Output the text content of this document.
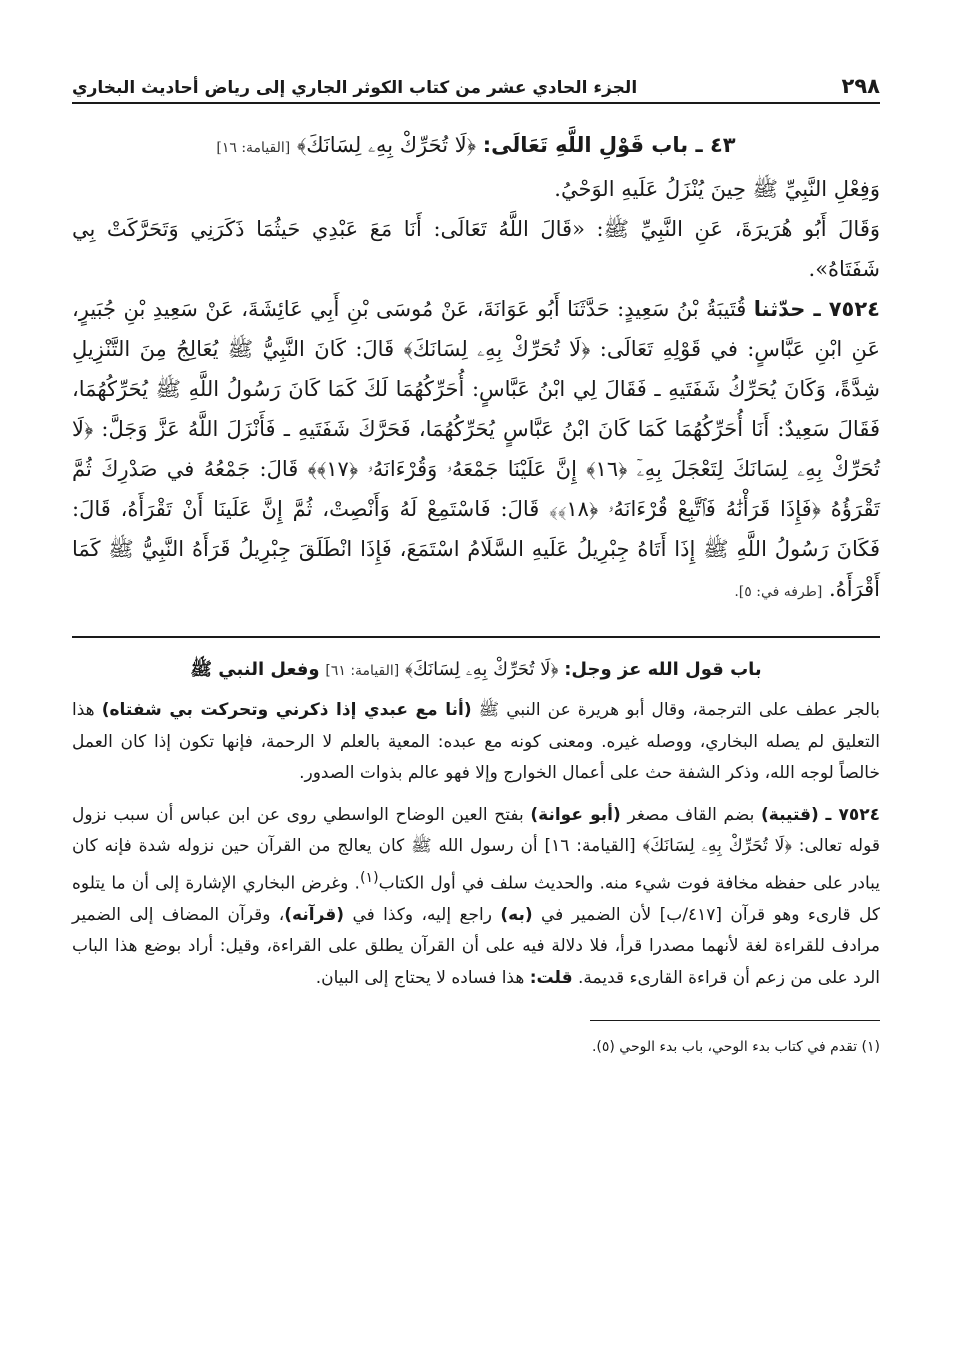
٢٩٨
الجزء الحادي عشر من كتاب الكوثر الجاري إلى رياض أحاديث البخاري
٤٣ ـ باب قَوْلِ اللَّهِ تَعَالَى: ﴿لَا تُحَرِّكْ بِهِۦ لِسَانَكَ﴾ [القيامة: ١٦]

وَفِعْلِ النَّبِيِّ ﷺ حِينَ يُنْزَلُ عَلَيهِ الوَحْيُ.

وَقَالَ أَبُو هُرَيرَةَ، عَنِ النَّبِيِّ ﷺ: «قَالَ اللَّهُ تَعَالَى: أَنَا مَعَ عَبْدِي حَيثُمَا ذَكَرَنِي وَتَحَرَّكَتْ بِي شَفَتَاهُ».

٧٥٢٤ ـ حدّثنا قُتَيبَةُ بْنُ سَعِيدٍ: حَدَّثَنَا أَبُو عَوَانَةَ، عَنْ مُوسَى بْنِ أَبِي عَائِشَةَ، عَنْ سَعِيدِ بْنِ جُبَيرٍ، عَنِ ابْنِ عَبَّاسٍ: في قَوْلِهِ تَعَالَى: ﴿لَا تُحَرِّكْ بِهِۦ لِسَانَكَ﴾ قَالَ: كَانَ النَّبِيُّ ﷺ يُعَالِجُ مِنَ التَّنْزِيلِ شِدَّةً، وَكَانَ يُحَرِّكُ شَفَتَيهِ ـ فَقَالَ لِي ابْنُ عَبَّاسٍ: أُحَرِّكُهُمَا لَكَ كَمَا كَانَ رَسُولُ اللَّهِ ﷺ يُحَرِّكُهُمَا، فَقَالَ سَعِيدٌ: أَنَا أُحَرِّكُهُمَا كَمَا كَانَ ابْنُ عَبَّاسٍ يُحَرِّكُهُمَا، فَحَرَّكَ شَفَتَيهِ ـ فَأَنْزَلَ اللَّهُ عَزَّ وَجَلَّ: ﴿لَا تُحَرِّكْ بِهِۦ لِسَانَكَ لِتَعْجَلَ بِهِۦٓ ﴿١٦﴾ إِنَّ عَلَيْنَا جَمْعَهُۥ وَقُرْءَانَهُۥ ﴿١٧﴾﴾ قَالَ: جَمْعُهُ في صَدْرِكَ ثُمَّ تَقْرَؤُهُ ﴿فَإِذَا قَرَأْنَٰهُ فَٱتَّبِعْ قُرْءَانَهُۥ ﴿١٨﴾﴾ قَالَ: فَاسْتَمِعْ لَهُ وَأَنْصِتْ، ثُمَّ إِنَّ عَلَينَا أَنْ تَقْرَأَهُ، قَالَ: فَكَانَ رَسُولُ اللَّهِ ﷺ إِذَا أَتَاهُ جِبْرِيلُ عَلَيهِ السَّلَامُ اسْتَمَعَ، فَإِذَا انْطَلَقَ جِبْرِيلُ قَرَأَهُ النَّبِيُّ ﷺ كَمَا أَقْرَأَهُ. [طرفه في: ٥].

باب قول الله عز وجل: ﴿لَا تُحَرِّكْ بِهِۦ لِسَانَكَ﴾ [القيامة: ٦١] وفعل النبي ﷺ

بالجر عطف على الترجمة، وقال أبو هريرة عن النبي ﷺ (أنا مع عبدي إذا ذكرني وتحركت بي شفتاه) هذا التعليق لم يصله البخاري، ووصله غيره. ومعنى كونه مع عبده: المعية بالعلم لا الرحمة، فإنها تكون إذا كان العمل خالصاً لوجه الله، وذكر الشفة حث على أعمال الخوارج وإلا فهو عالم بذوات الصدور.

٧٥٢٤ ـ (قتيبة) بضم القاف مصغر (أبو عوانة) بفتح العين الوضاح الواسطي روى عن ابن عباس أن سبب نزول قوله تعالى: ﴿لَا تُحَرِّكْ بِهِۦ لِسَانَكَ﴾ [القيامة: ١٦] أن رسول الله ﷺ كان يعالج من القرآن حين نزوله شدة فإنه كان يبادر على حفظه مخافة فوت شيء منه. والحديث سلف في أول الكتاب$^{(١)}$. وغرض البخاري الإشارة إلى أن ما يتلوه كل قارىء وهو قرآن [٤١٧/ب] لأن الضمير في (به) راجع إليه، وكذا في (قرآنه)، وقرآن المضاف إلى الضمير مرادف للقراءة لغة لأنهما مصدرا قرأ، فلا دلالة فيه على أن القرآن يطلق على القراءة، وقيل: أراد بوضع هذا الباب الرد على من زعم أن قراءة القارىء قديمة. قلت: هذا فساده لا يحتاج إلى البيان.

(١) تقدم في كتاب بدء الوحي، باب بدء الوحي (٥).
